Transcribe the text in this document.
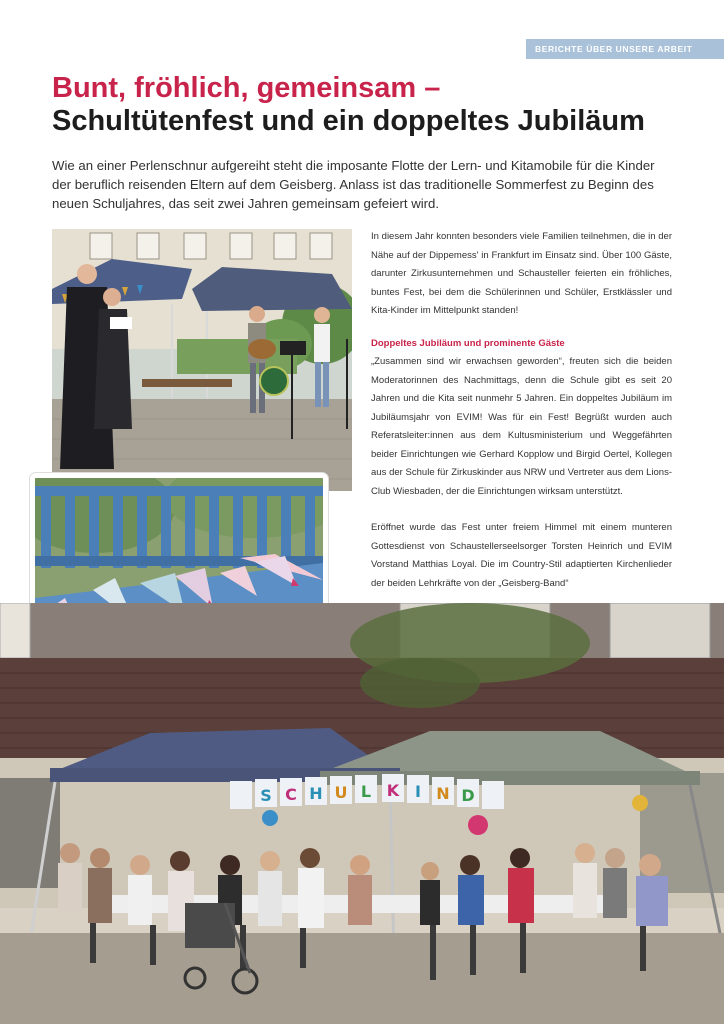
BERICHTE ÜBER UNSERE ARBEIT
Bunt, fröhlich, gemeinsam –
Schultütenfest und ein doppeltes Jubiläum

Wie an einer Perlenschnur aufgereiht steht die imposante Flotte der Lern- und Kitamobile für die Kinder der beruflich reisenden Eltern auf dem Geisberg. Anlass ist das traditionelle Sommerfest zu Beginn des neuen Schuljahres, das seit zwei Jahren gemeinsam gefeiert wird.

In diesem Jahr konnten besonders viele Familien teilnehmen, die in der Nähe auf der Dippemess' in Frankfurt im Einsatz sind. Über 100 Gäste, darunter Zirkusunternehmen und Schausteller feierten ein fröhliches, buntes Fest, bei dem die Schülerinnen und Schüler, Erstklässler und Kita-Kinder im Mittelpunkt standen!

Doppeltes Jubiläum und prominente Gäste

„Zusammen sind wir erwachsen geworden“, freuten sich die beiden Moderatorinnen des Nachmittags, denn die Schule gibt es seit 20 Jahren und die Kita seit nunmehr 5 Jahren. Ein doppeltes Jubiläum im Jubiläumsjahr von EVIM! Was für ein Fest! Begrüßt wurden auch Referatsleiter:innen aus dem Kultusministerium und Weggefährten beider Einrichtungen wie Gerhard Kopplow und Birgid Oertel, Kollegen aus der Schule für Zirkuskinder aus NRW und Vertreter aus dem Lions-Club Wiesbaden, der die Einrichtungen wirksam unterstützt.

Eröffnet wurde das Fest unter freiem Himmel mit einem munteren Gottesdienst von Schaustellerseelsorger Torsten Heinrich und EVIM Vorstand Matthias Loyal. Die im Country-Stil adaptierten Kirchenlieder der beiden Lehrkräfte von der „Geisberg-Band“

S C H U L K I N D
